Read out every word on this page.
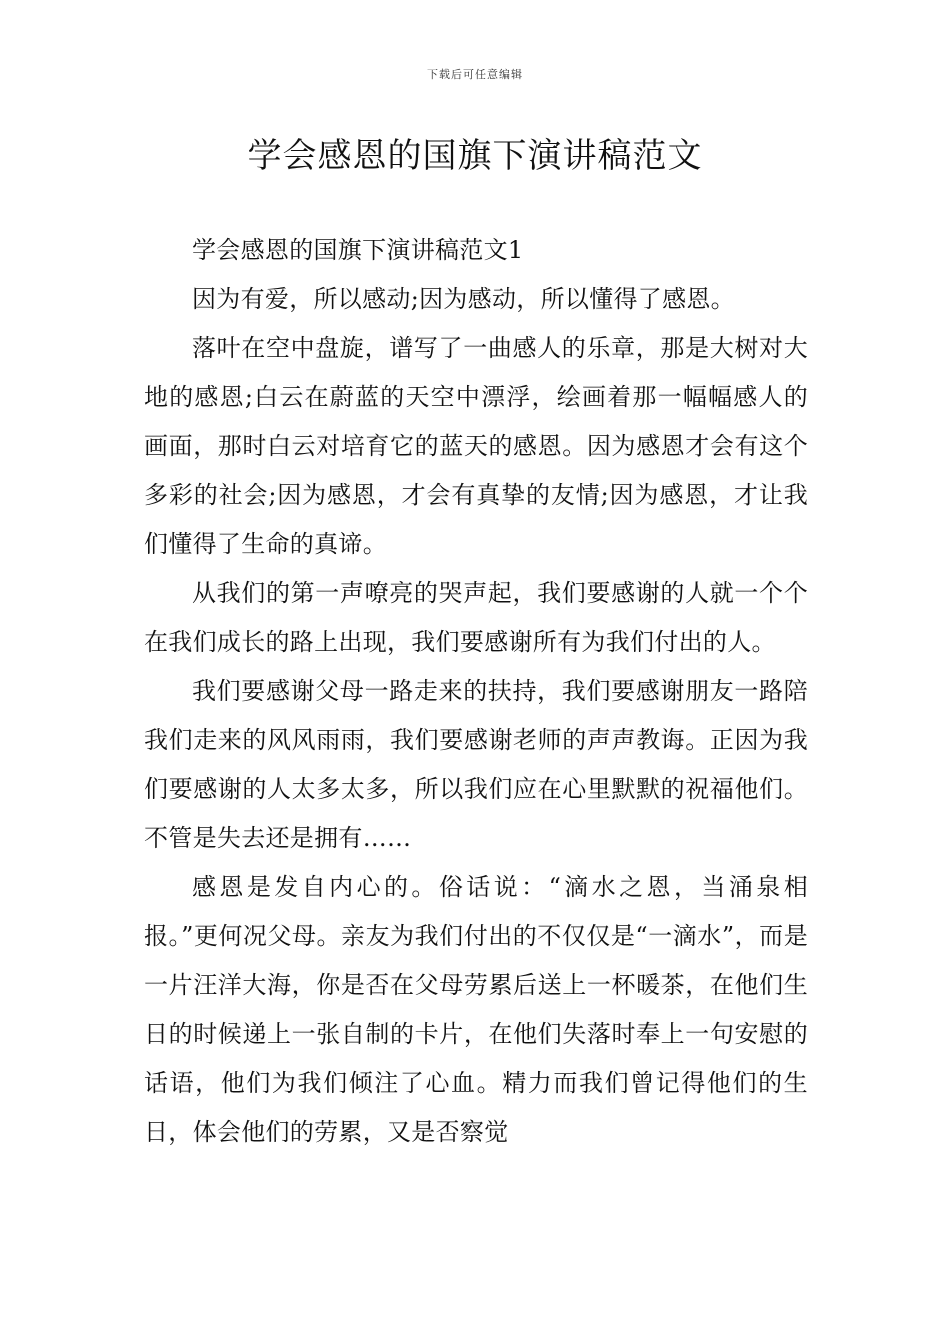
下载后可任意编辑
学会感恩的国旗下演讲稿范文

学会感恩的国旗下演讲稿范文1

因为有爱，所以感动;因为感动，所以懂得了感恩。

落叶在空中盘旋，谱写了一曲感人的乐章，那是大树对大地的感恩;白云在蔚蓝的天空中漂浮，绘画着那一幅幅感人的画面，那时白云对培育它的蓝天的感恩。因为感恩才会有这个多彩的社会;因为感恩，才会有真挚的友情;因为感恩，才让我们懂得了生命的真谛。

从我们的第一声嘹亮的哭声起，我们要感谢的人就一个个在我们成长的路上出现，我们要感谢所有为我们付出的人。

我们要感谢父母一路走来的扶持，我们要感谢朋友一路陪我们走来的风风雨雨，我们要感谢老师的声声教诲。正因为我们要感谢的人太多太多，所以我们应在心里默默的祝福他们。不管是失去还是拥有……

感恩是发自内心的。俗话说：“滴水之恩，当涌泉相报。”更何况父母。亲友为我们付出的不仅仅是“一滴水”，而是一片汪洋大海，你是否在父母劳累后送上一杯暖茶，在他们生日的时候递上一张自制的卡片，在他们失落时奉上一句安慰的话语，他们为我们倾注了心血。精力而我们曾记得他们的生日，体会他们的劳累，又是否察觉
